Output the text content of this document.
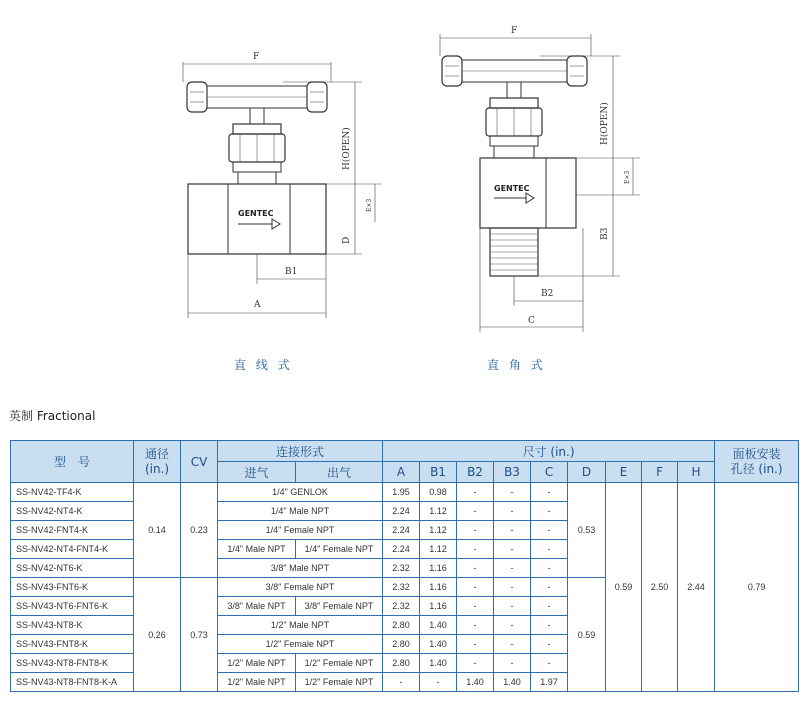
F
GENTEC
H(OPEN)
E×3
D
B1
A
F
GENTEC
H(OPEN)
E×3
B3
B2
C
直 线 式	直 角 式
英制 Fractional
型　号	通径
(in.)	CV	连接形式		尺寸 (in.)									面板安装
孔径 (in.)
			进气	出气	A	B1	B2	B3	C	D	E	F	H	
SS-NV42-TF4-K	0.14	0.23	1/4" GENLOK		1.95	0.98	-	-	-	0.53	0.59	2.50	2.44	0.79
SS-NV42-NT4-K			1/4" Male NPT		2.24	1.12	-	-	-					
SS-NV42-FNT4-K			1/4" Female NPT		2.24	1.12	-	-	-					
SS-NV42-NT4-FNT4-K			1/4" Male NPT	1/4" Female NPT	2.24	1.12	-	-	-					
SS-NV42-NT6-K			3/8" Male NPT		2.32	1.16	-	-	-					
SS-NV43-FNT6-K	0.26	0.73	3/8" Female NPT		2.32	1.16	-	-	-	0.59				
SS-NV43-NT6-FNT6-K			3/8" Male NPT	3/8" Female NPT	2.32	1.16	-	-	-					
SS-NV43-NT8-K			1/2" Male NPT		2.80	1.40	-	-	-					
SS-NV43-FNT8-K			1/2" Female NPT		2.80	1.40	-	-	-					
SS-NV43-NT8-FNT8-K			1/2" Male NPT	1/2" Female NPT	2.80	1.40	-	-	-					
SS-NV43-NT8-FNT8-K-A			1/2" Male NPT	1/2" Female NPT	-	-	1.40	1.40	1.97					
